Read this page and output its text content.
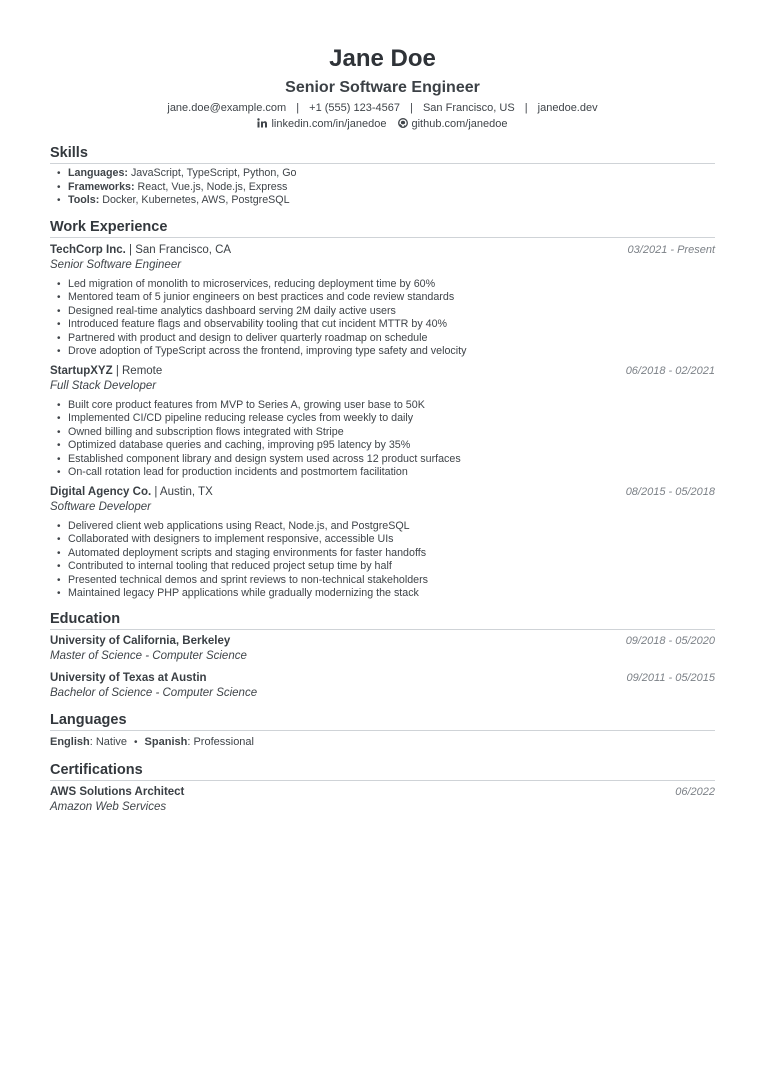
Jane Doe
Senior Software Engineer
jane.doe@example.com | +1 (555) 123-4567 | San Francisco, US | janedoe.dev
linkedin.com/in/janedoe github.com/janedoe
Skills
• Languages: JavaScript, TypeScript, Python, Go
• Frameworks: React, Vue.js, Node.js, Express
• Tools: Docker, Kubernetes, AWS, PostgreSQL
Work Experience
TechCorp Inc. | San Francisco, CA	03/2021 - Present
Senior Software Engineer
• Led migration of monolith to microservices, reducing deployment time by 60%
• Mentored team of 5 junior engineers on best practices and code review standards
• Designed real-time analytics dashboard serving 2M daily active users
• Introduced feature flags and observability tooling that cut incident MTTR by 40%
• Partnered with product and design to deliver quarterly roadmap on schedule
• Drove adoption of TypeScript across the frontend, improving type safety and velocity
StartupXYZ | Remote	06/2018 - 02/2021
Full Stack Developer
• Built core product features from MVP to Series A, growing user base to 50K
• Implemented CI/CD pipeline reducing release cycles from weekly to daily
• Owned billing and subscription flows integrated with Stripe
• Optimized database queries and caching, improving p95 latency by 35%
• Established component library and design system used across 12 product surfaces
• On-call rotation lead for production incidents and postmortem facilitation
Digital Agency Co. | Austin, TX	08/2015 - 05/2018
Software Developer
• Delivered client web applications using React, Node.js, and PostgreSQL
• Collaborated with designers to implement responsive, accessible UIs
• Automated deployment scripts and staging environments for faster handoffs
• Contributed to internal tooling that reduced project setup time by half
• Presented technical demos and sprint reviews to non-technical stakeholders
• Maintained legacy PHP applications while gradually modernizing the stack
Education
University of California, Berkeley	09/2018 - 05/2020
Master of Science - Computer Science
University of Texas at Austin	09/2011 - 05/2015
Bachelor of Science - Computer Science
Languages
English: Native • Spanish: Professional
Certifications
AWS Solutions Architect	06/2022
Amazon Web Services
